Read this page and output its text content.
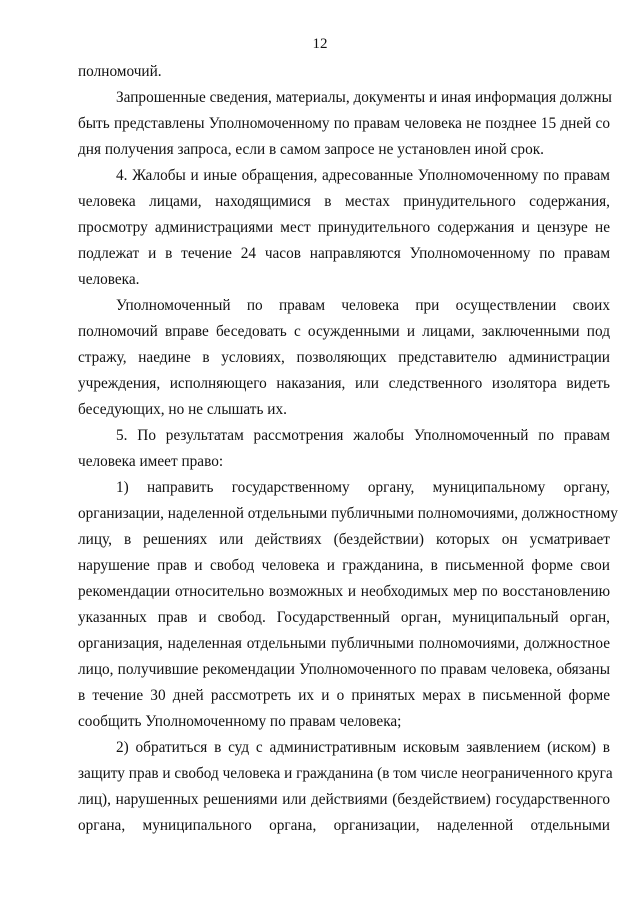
12
полномочий.
Запрошенные сведения, материалы, документы и иная информация должны
быть представлены Уполномоченному по правам человека не позднее 15 дней со
дня получения запроса, если в самом запросе не установлен иной срок.
4. Жалобы и иные обращения, адресованные Уполномоченному по правам
человека лицами, находящимися в местах принудительного содержания,
просмотру администрациями мест принудительного содержания и цензуре не
подлежат и в течение 24 часов направляются Уполномоченному по правам
человека.
Уполномоченный по правам человека при осуществлении своих
полномочий вправе беседовать с осужденными и лицами, заключенными под
стражу, наедине в условиях, позволяющих представителю администрации
учреждения, исполняющего наказания, или следственного изолятора видеть
беседующих, но не слышать их.
5. По результатам рассмотрения жалобы Уполномоченный по правам
человека имеет право:
1) направить государственному органу, муниципальному органу,
организации, наделенной отдельными публичными полномочиями, должностному
лицу, в решениях или действиях (бездействии) которых он усматривает
нарушение прав и свобод человека и гражданина, в письменной форме свои
рекомендации относительно возможных и необходимых мер по восстановлению
указанных прав и свобод. Государственный орган, муниципальный орган,
организация, наделенная отдельными публичными полномочиями, должностное
лицо, получившие рекомендации Уполномоченного по правам человека, обязаны
в течение 30 дней рассмотреть их и о принятых мерах в письменной форме
сообщить Уполномоченному по правам человека;
2) обратиться в суд с административным исковым заявлением (иском) в
защиту прав и свобод человека и гражданина (в том числе неограниченного круга
лиц), нарушенных решениями или действиями (бездействием) государственного
органа, муниципального органа, организации, наделенной отдельными
